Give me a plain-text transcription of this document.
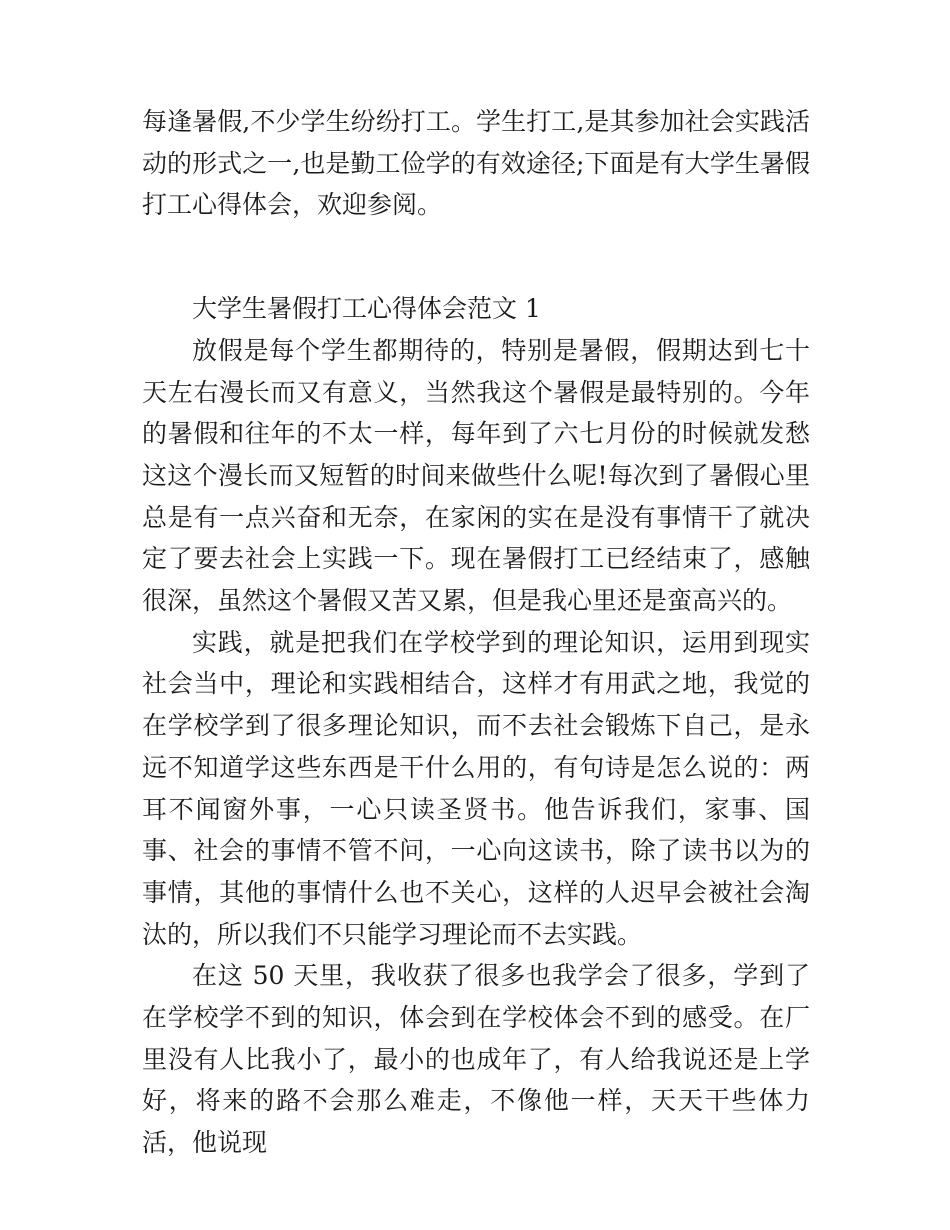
每逢暑假,不少学生纷纷打工。学生打工,是其参加社会实践活动的形式之一,也是勤工俭学的有效途径;下面是有大学生暑假打工心得体会，欢迎参阅。

大学生暑假打工心得体会范文 1

放假是每个学生都期待的，特别是暑假，假期达到七十天左右漫长而又有意义，当然我这个暑假是最特别的。今年的暑假和往年的不太一样，每年到了六七月份的时候就发愁这这个漫长而又短暂的时间来做些什么呢!每次到了暑假心里总是有一点兴奋和无奈，在家闲的实在是没有事情干了就决定了要去社会上实践一下。现在暑假打工已经结束了，感触很深，虽然这个暑假又苦又累，但是我心里还是蛮高兴的。

实践，就是把我们在学校学到的理论知识，运用到现实社会当中，理论和实践相结合，这样才有用武之地，我觉的在学校学到了很多理论知识，而不去社会锻炼下自己，是永远不知道学这些东西是干什么用的，有句诗是怎么说的：两耳不闻窗外事，一心只读圣贤书。他告诉我们，家事、国事、社会的事情不管不问，一心向这读书，除了读书以为的事情，其他的事情什么也不关心，这样的人迟早会被社会淘汰的，所以我们不只能学习理论而不去实践。

在这 50 天里，我收获了很多也我学会了很多，学到了在学校学不到的知识，体会到在学校体会不到的感受。在厂里没有人比我小了，最小的也成年了，有人给我说还是上学好，将来的路不会那么难走，不像他一样，天天干些体力活，他说现
